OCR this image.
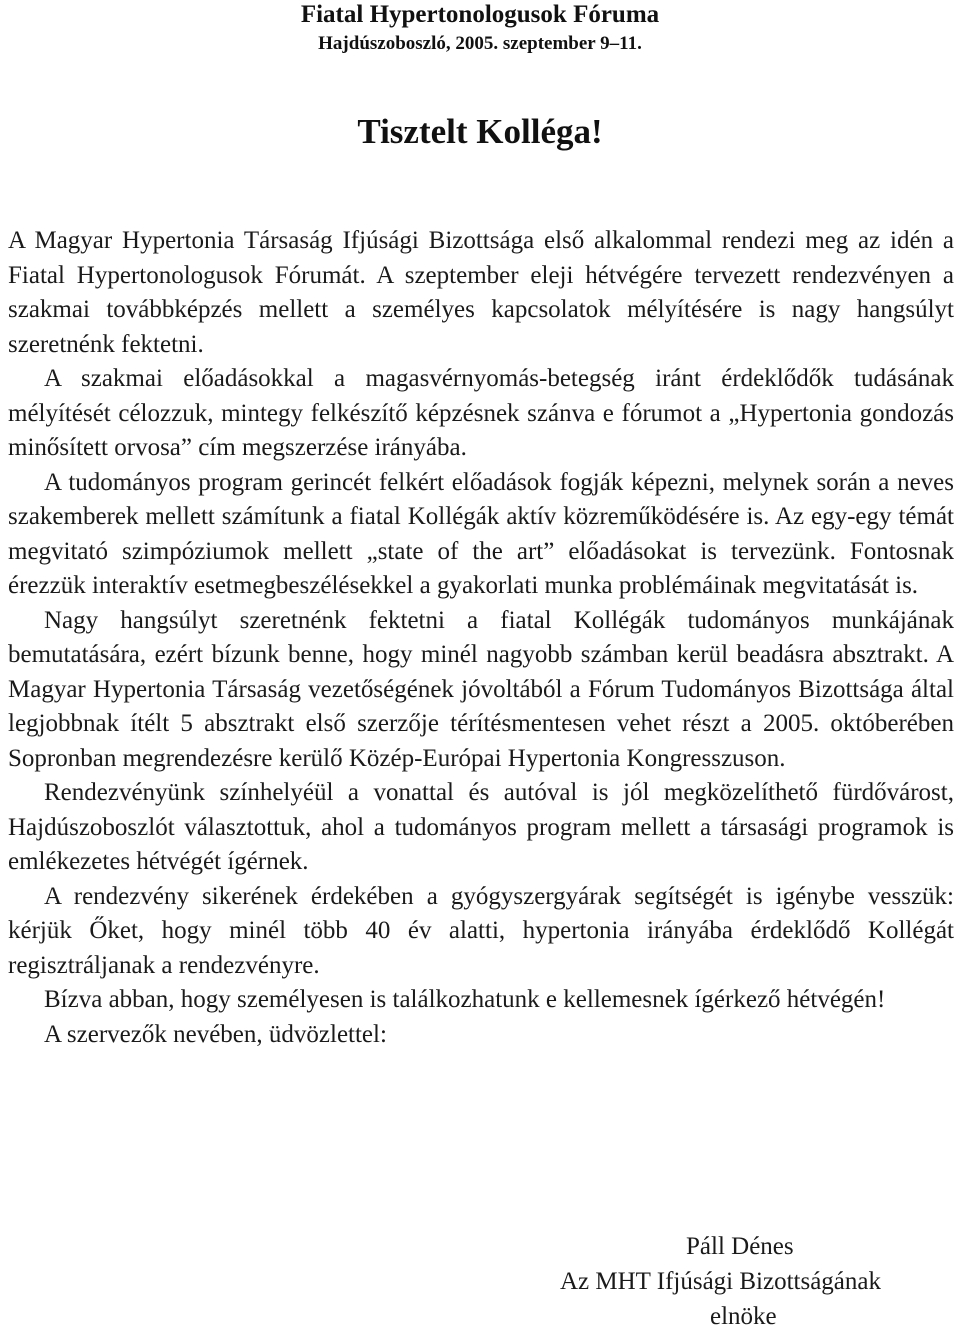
Fiatal Hypertonologusok Fóruma
Hajdúszoboszló, 2005. szeptember 9–11.
Tisztelt Kolléga!

A Magyar Hypertonia Társaság Ifjúsági Bizottsága első alkalommal rendezi meg az idén a Fiatal Hypertonologusok Fórumát. A szeptember eleji hétvégére tervezett rendezvényen a szakmai továbbképzés mellett a személyes kapcsolatok mélyítésére is nagy hangsúlyt szeretnénk fektetni.

A szakmai előadásokkal a magasvérnyomás-betegség iránt érdeklődők tudásának mélyítését célozzuk, mintegy felkészítő képzésnek szánva e fórumot a „Hypertonia gondozás minősített orvosa” cím megszerzése irányába.

A tudományos program gerincét felkért előadások fogják képezni, melynek során a neves szakemberek mellett számítunk a fiatal Kollégák aktív közreműködésére is. Az egy-egy témát megvitató szimpóziumok mellett „state of the art” előadásokat is tervezünk. Fontosnak érezzük interaktív esetmegbeszélésekkel a gyakorlati munka problémáinak megvitatását is.

Nagy hangsúlyt szeretnénk fektetni a fiatal Kollégák tudományos munkájának bemutatására, ezért bízunk benne, hogy minél nagyobb számban kerül beadásra absztrakt. A Magyar Hypertonia Társaság vezetőségének jóvoltából a Fórum Tudományos Bizottsága által legjobbnak ítélt 5 absztrakt első szerzője térítésmentesen vehet részt a 2005. októberében Sopronban megrendezésre kerülő Közép-Európai Hypertonia Kongresszuson.

Rendezvényünk színhelyéül a vonattal és autóval is jól megközelíthető fürdővárost, Hajdúszoboszlót választottuk, ahol a tudományos program mellett a társasági programok is emlékezetes hétvégét ígérnek.

A rendezvény sikerének érdekében a gyógyszergyárak segítségét is igénybe vesszük: kérjük Őket, hogy minél több 40 év alatti, hypertonia irányába érdeklődő Kollégát regisztráljanak a rendezvényre.

Bízva abban, hogy személyesen is találkozhatunk e kellemesnek ígérkező hétvégén!

A szervezők nevében, üdvözlettel:

Páll Dénes
Az MHT Ifjúsági Bizottságának
elnöke
